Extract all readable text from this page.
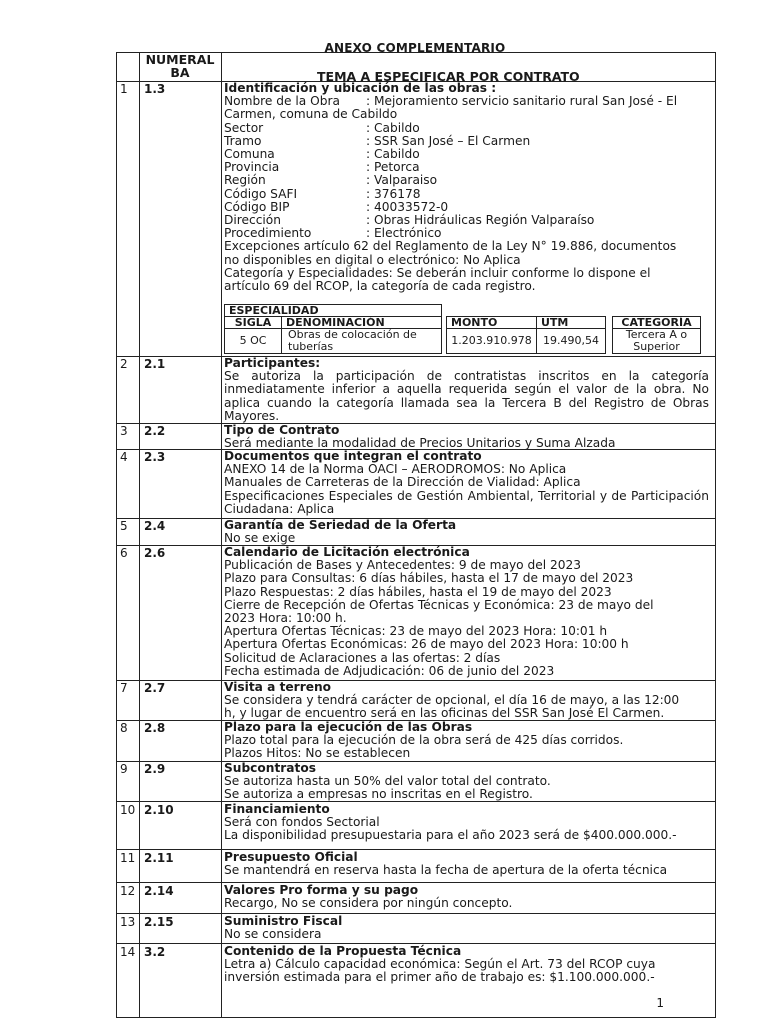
ANEXO COMPLEMENTARIO
NUMERAL BA	TEMA A ESPECIFICAR POR CONTRATO
1 1.3	Identificación y ubicación de las obras :
Nombre de la Obra	: Mejoramiento servicio sanitario rural San José - El
Carmen, comuna de Cabildo
Sector	: Cabildo
Tramo	: SSR San José – El Carmen
Comuna	: Cabildo
Provincia	: Petorca
Región	: Valparaiso
Código SAFI	: 376178
Código BIP	: 40033572-0
Dirección	: Obras Hidráulicas Región Valparaíso
Procedimiento	: Electrónico
Excepciones artículo 62 del Reglamento de la Ley N° 19.886, documentos
no disponibles en digital o electrónico: No Aplica
Categoría y Especialidades: Se deberán incluir conforme lo dispone el
artículo 69 del RCOP, la categoría de cada registro.
ESPECIALIDAD
SIGLA	DENOMINACIÓN	MONTO	UTM	CATEGORÍA
5 OC	Obras de colocación de tuberías	1.203.910.978	19.490,54	Tercera A o Superior
2 2.1	Participantes:
Se autoriza la participación de contratistas inscritos en la categoría inmediatamente inferior a aquella requerida según el valor de la obra. No aplica cuando la categoría llamada sea la Tercera B del Registro de Obras Mayores.
3 2.2	Tipo de Contrato
Será mediante la modalidad de Precios Unitarios y Suma Alzada
4 2.3	Documentos que integran el contrato
ANEXO 14 de la Norma OACI – AERODROMOS: No Aplica
Manuales de Carreteras de la Dirección de Vialidad: Aplica
Especificaciones Especiales de Gestión Ambiental, Territorial y de Participación Ciudadana: Aplica
5 2.4	Garantía de Seriedad de la Oferta
No se exige
6 2.6	Calendario de Licitación electrónica
Publicación de Bases y Antecedentes: 9 de mayo del 2023
Plazo para Consultas: 6 días hábiles, hasta el 17 de mayo del 2023
Plazo Respuestas: 2 días hábiles, hasta el 19 de mayo del 2023
Cierre de Recepción de Ofertas Técnicas y Económica: 23 de mayo del
2023 Hora: 10:00 h.
Apertura Ofertas Técnicas: 23 de mayo del 2023 Hora: 10:01 h
Apertura Ofertas Económicas: 26 de mayo del 2023 Hora: 10:00 h
Solicitud de Aclaraciones a las ofertas: 2 días
Fecha estimada de Adjudicación: 06 de junio del 2023
7 2.7	Visita a terreno
Se considera y tendrá carácter de opcional, el día 16 de mayo, a las 12:00
h, y lugar de encuentro será en las oficinas del SSR San José El Carmen.
8 2.8	Plazo para la ejecución de las Obras
Plazo total para la ejecución de la obra será de 425 días corridos.
Plazos Hitos: No se establecen
9 2.9	Subcontratos
Se autoriza hasta un 50% del valor total del contrato.
Se autoriza a empresas no inscritas en el Registro.
10 2.10	Financiamiento
Será con fondos Sectorial
La disponibilidad presupuestaria para el año 2023 será de $400.000.000.-
11 2.11	Presupuesto Oficial
Se mantendrá en reserva hasta la fecha de apertura de la oferta técnica
12 2.14	Valores Pro forma y su pago
Recargo, No se considera por ningún concepto.
13 2.15	Suministro Fiscal
No se considera
14 3.2	Contenido de la Propuesta Técnica
Letra a) Cálculo capacidad económica: Según el Art. 73 del RCOP cuya
inversión estimada para el primer año de trabajo es: $1.100.000.000.-
1
